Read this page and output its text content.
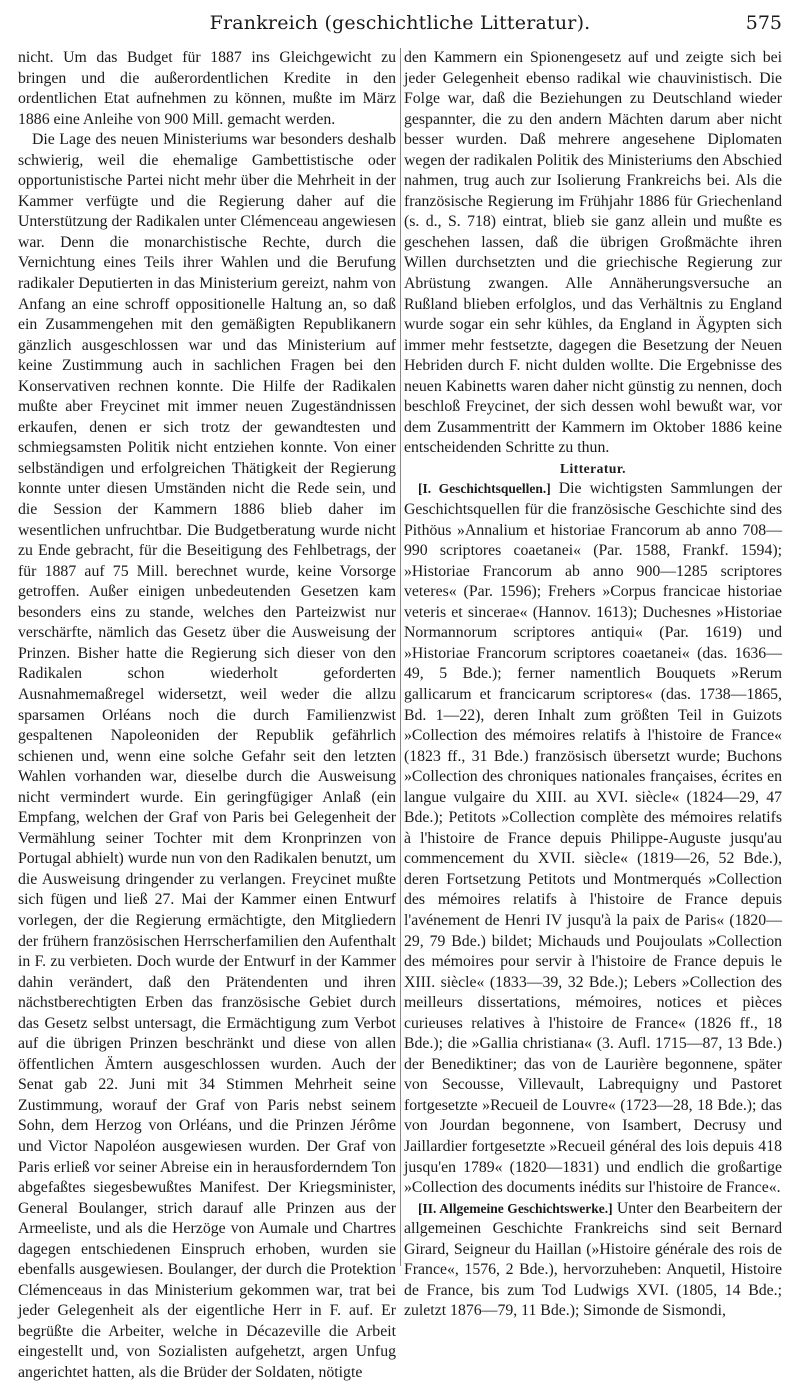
Frankreich (geschichtliche Litteratur).	575

nicht. Um das Budget für 1887 ins Gleichgewicht zu bringen und die außerordentlichen Kredite in den ordentlichen Etat aufnehmen zu können, mußte im März 1886 eine Anleihe von 900 Mill. gemacht werden.

Die Lage des neuen Ministeriums war besonders deshalb schwierig, weil die ehemalige Gambettistische oder opportunistische Partei nicht mehr über die Mehrheit in der Kammer verfügte und die Regierung daher auf die Unterstützung der Radikalen unter Clémenceau angewiesen war. Denn die monarchistische Rechte, durch die Vernichtung eines Teils ihrer Wahlen und die Berufung radikaler Deputierten in das Ministerium gereizt, nahm von Anfang an eine schroff oppositionelle Haltung an, so daß ein Zusammengehen mit den gemäßigten Republikanern gänzlich ausgeschlossen war und das Ministerium auf keine Zustimmung auch in sachlichen Fragen bei den Konservativen rechnen konnte. Die Hilfe der Radikalen mußte aber Freycinet mit immer neuen Zugeständnissen erkaufen, denen er sich trotz der gewandtesten und schmiegsamsten Politik nicht entziehen konnte. Von einer selbständigen und erfolgreichen Thätigkeit der Regierung konnte unter diesen Umständen nicht die Rede sein, und die Session der Kammern 1886 blieb daher im wesentlichen unfruchtbar. Die Budgetberatung wurde nicht zu Ende gebracht, für die Beseitigung des Fehlbetrags, der für 1887 auf 75 Mill. berechnet wurde, keine Vorsorge getroffen. Außer einigen unbedeutenden Gesetzen kam besonders eins zu stande, welches den Parteizwist nur verschärfte, nämlich das Gesetz über die Ausweisung der Prinzen. Bisher hatte die Regierung sich dieser von den Radikalen schon wiederholt geforderten Ausnahmemaßregel widersetzt, weil weder die allzu sparsamen Orléans noch die durch Familienzwist gespaltenen Napoleoniden der Republik gefährlich schienen und, wenn eine solche Gefahr seit den letzten Wahlen vorhanden war, dieselbe durch die Ausweisung nicht vermindert wurde. Ein geringfügiger Anlaß (ein Empfang, welchen der Graf von Paris bei Gelegenheit der Vermählung seiner Tochter mit dem Kronprinzen von Portugal abhielt) wurde nun von den Radikalen benutzt, um die Ausweisung dringender zu verlangen. Freycinet mußte sich fügen und ließ 27. Mai der Kammer einen Entwurf vorlegen, der die Regierung ermächtigte, den Mitgliedern der frühern französischen Herrscherfamilien den Aufenthalt in F. zu verbieten. Doch wurde der Entwurf in der Kammer dahin verändert, daß den Prätendenten und ihren nächstberechtigten Erben das französische Gebiet durch das Gesetz selbst untersagt, die Ermächtigung zum Verbot auf die übrigen Prinzen beschränkt und diese von allen öffentlichen Ämtern ausgeschlossen wurden. Auch der Senat gab 22. Juni mit 34 Stimmen Mehrheit seine Zustimmung, worauf der Graf von Paris nebst seinem Sohn, dem Herzog von Orléans, und die Prinzen Jérôme und Victor Napoléon ausgewiesen wurden. Der Graf von Paris erließ vor seiner Abreise ein in herausforderndem Ton abgefaßtes siegesbewußtes Manifest. Der Kriegsminister, General Boulanger, strich darauf alle Prinzen aus der Armeeliste, und als die Herzöge von Aumale und Chartres dagegen entschiedenen Einspruch erhoben, wurden sie ebenfalls ausgewiesen. Boulanger, der durch die Protektion Clémenceaus in das Ministerium gekommen war, trat bei jeder Gelegenheit als der eigentliche Herr in F. auf. Er begrüßte die Arbeiter, welche in Décazeville die Arbeit eingestellt und, von Sozialisten aufgehetzt, argen Unfug angerichtet hatten, als die Brüder der Soldaten, nötigte

den Kammern ein Spionengesetz auf und zeigte sich bei jeder Gelegenheit ebenso radikal wie chauvinistisch. Die Folge war, daß die Beziehungen zu Deutschland wieder gespannter, die zu den andern Mächten darum aber nicht besser wurden. Daß mehrere angesehene Diplomaten wegen der radikalen Politik des Ministeriums den Abschied nahmen, trug auch zur Isolierung Frankreichs bei. Als die französische Regierung im Frühjahr 1886 für Griechenland (s. d., S. 718) eintrat, blieb sie ganz allein und mußte es geschehen lassen, daß die übrigen Großmächte ihren Willen durchsetzten und die griechische Regierung zur Abrüstung zwangen. Alle Annäherungsversuche an Rußland blieben erfolglos, und das Verhältnis zu England wurde sogar ein sehr kühles, da England in Ägypten sich immer mehr festsetzte, dagegen die Besetzung der Neuen Hebriden durch F. nicht dulden wollte. Die Ergebnisse des neuen Kabinetts waren daher nicht günstig zu nennen, doch beschloß Freycinet, der sich dessen wohl bewußt war, vor dem Zusammentritt der Kammern im Oktober 1886 keine entscheidenden Schritte zu thun.

Litteratur.

[I. Geschichtsquellen.] Die wichtigsten Sammlungen der Geschichtsquellen für die französische Geschichte sind des Pithöus »Annalium et historiae Francorum ab anno 708—990 scriptores coaetanei« (Par. 1588, Frankf. 1594); »Historiae Francorum ab anno 900—1285 scriptores veteres« (Par. 1596); Frehers »Corpus francicae historiae veteris et sincerae« (Hannov. 1613); Duchesnes »Historiae Normannorum scriptores antiqui« (Par. 1619) und »Historiae Francorum scriptores coaetanei« (das. 1636—49, 5 Bde.); ferner namentlich Bouquets »Rerum gallicarum et francicarum scriptores« (das. 1738—1865, Bd. 1—22), deren Inhalt zum größten Teil in Guizots »Collection des mémoires relatifs à l'histoire de France« (1823 ff., 31 Bde.) französisch übersetzt wurde; Buchons »Collection des chroniques nationales françaises, écrites en langue vulgaire du XIII. au XVI. siècle« (1824—29, 47 Bde.); Petitots »Collection complète des mémoires relatifs à l'histoire de France depuis Philippe-Auguste jusqu'au commencement du XVII. siècle« (1819—26, 52 Bde.), deren Fortsetzung Petitots und Montmerqués »Collection des mémoires relatifs à l'histoire de France depuis l'avénement de Henri IV jusqu'à la paix de Paris« (1820—29, 79 Bde.) bildet; Michauds und Poujoulats »Collection des mémoires pour servir à l'histoire de France depuis le XIII. siècle« (1833—39, 32 Bde.); Lebers »Collection des meilleurs dissertations, mémoires, notices et pièces curieuses relatives à l'histoire de France« (1826 ff., 18 Bde.); die »Gallia christiana« (3. Aufl. 1715—87, 13 Bde.) der Benediktiner; das von de Laurière begonnene, später von Secousse, Villevault, Labrequigny und Pastoret fortgesetzte »Recueil de Louvre« (1723—28, 18 Bde.); das von Jourdan begonnene, von Isambert, Decrusy und Jaillardier fortgesetzte »Recueil général des lois depuis 418 jusqu'en 1789« (1820—1831) und endlich die großartige »Collection des documents inédits sur l'histoire de France«.

[II. Allgemeine Geschichtswerke.] Unter den Bearbeitern der allgemeinen Geschichte Frankreichs sind seit Bernard Girard, Seigneur du Haillan (»Histoire générale des rois de France«, 1576, 2 Bde.), hervorzuheben: Anquetil, Histoire de France, bis zum Tod Ludwigs XVI. (1805, 14 Bde.; zuletzt 1876—79, 11 Bde.); Simonde de Sismondi,
